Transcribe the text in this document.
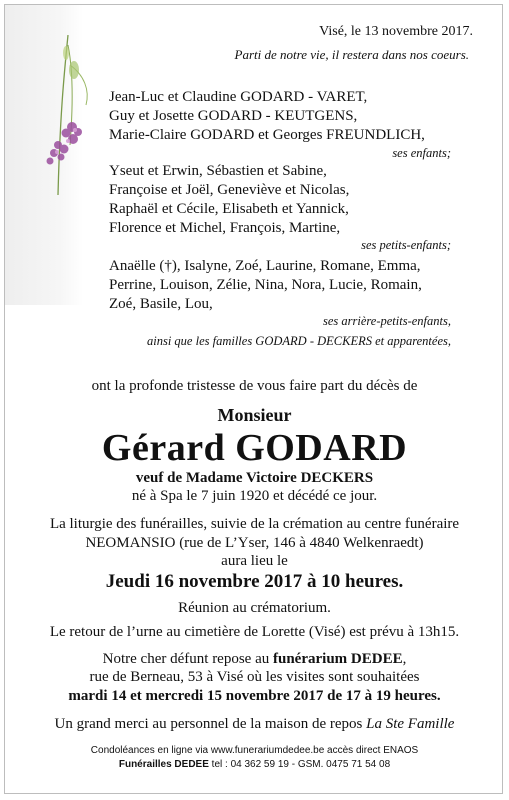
Visé, le 13 novembre 2017.
Parti de notre vie, il restera dans nos coeurs.
Jean-Luc et Claudine GODARD - VARET,
Guy et Josette GODARD - KEUTGENS,
Marie-Claire GODARD et Georges FREUNDLICH,
ses enfants;
Yseut et Erwin, Sébastien et Sabine,
Françoise et Joël, Geneviève et Nicolas,
Raphaël et Cécile, Elisabeth et Yannick,
Florence et Michel, François, Martine,
ses petits-enfants;
Anaëlle (†), Isalyne, Zoé, Laurine, Romane, Emma,
Perrine, Louison, Zélie, Nina, Nora, Lucie, Romain,
Zoé, Basile, Lou,
ses arrière-petits-enfants,
ainsi que les familles GODARD - DECKERS et apparentées,
ont la profonde tristesse de vous faire part du décès de
Monsieur
Gérard GODARD
veuf de Madame Victoire DECKERS
né à Spa le 7 juin 1920 et décédé ce jour.
La liturgie des funérailles, suivie de la crémation au centre funéraire
NEOMANSIO (rue de L’Yser, 146 à 4840 Welkenraedt)
aura lieu le
Jeudi 16 novembre 2017 à 10 heures.
Réunion au crématorium.
Le retour de l’urne au cimetière de Lorette (Visé) est prévu à 13h15.
Notre cher défunt repose au funérarium DEDEE,
rue de Berneau, 53 à Visé où les visites sont souhaitées
mardi 14 et mercredi 15 novembre 2017 de 17 à 19 heures.
Un grand merci au personnel de la maison de repos La Ste Famille
Condoléances en ligne via www.funerariumdedee.be accès direct ENAOS
Funérailles DEDEE tel : 04 362 59 19 - GSM. 0475 71 54 08
